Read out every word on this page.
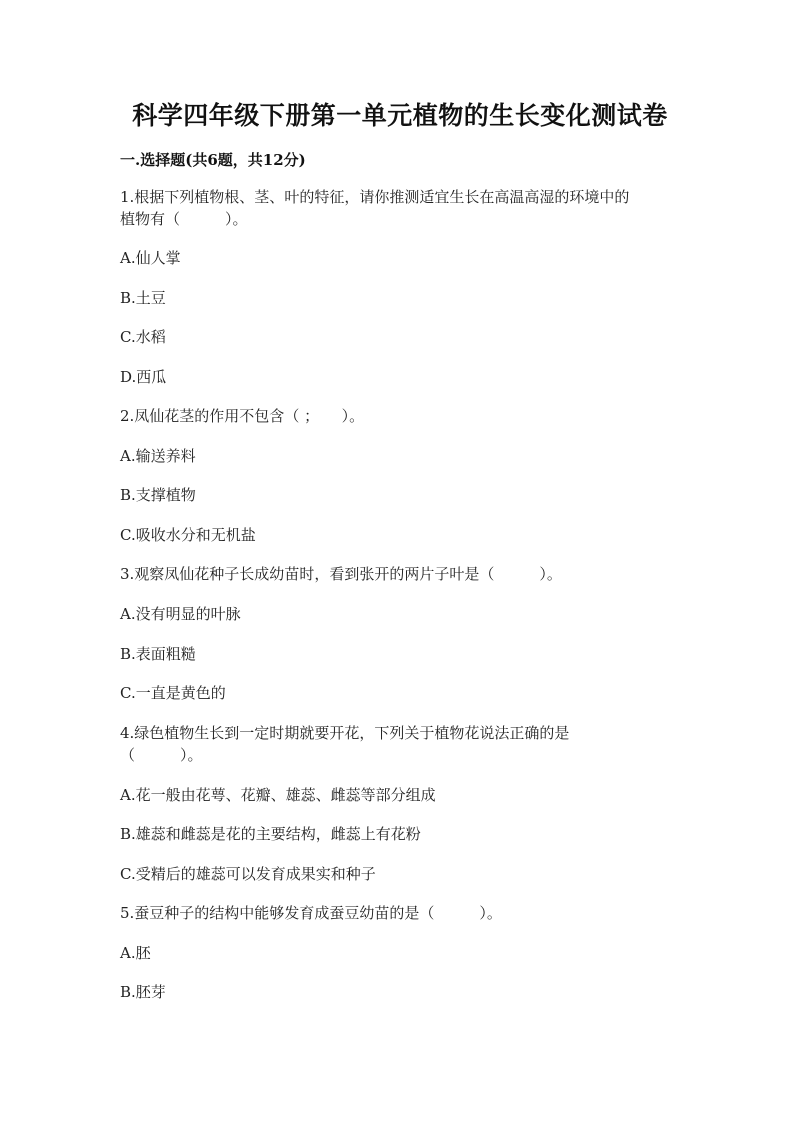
科学四年级下册第一单元植物的生长变化测试卷
一.选择题(共6题，共12分)
1.根据下列植物根、茎、叶的特征，请你推测适宜生长在高温高湿的环境中的
植物有（　　　）。
A.仙人掌
B.土豆
C.水稻
D.西瓜
2.凤仙花茎的作用不包含（ ；　　）。
A.输送养料
B.支撑植物
C.吸收水分和无机盐
3.观察凤仙花种子长成幼苗时，看到张开的两片子叶是（　　　）。
A.没有明显的叶脉
B.表面粗糙
C.一直是黄色的
4.绿色植物生长到一定时期就要开花，下列关于植物花说法正确的是
（　　　）。
A.花一般由花萼、花瓣、雄蕊、雌蕊等部分组成
B.雄蕊和雌蕊是花的主要结构，雌蕊上有花粉
C.受精后的雄蕊可以发育成果实和种子
5.蚕豆种子的结构中能够发育成蚕豆幼苗的是（　　　）。
A.胚
B.胚芽
